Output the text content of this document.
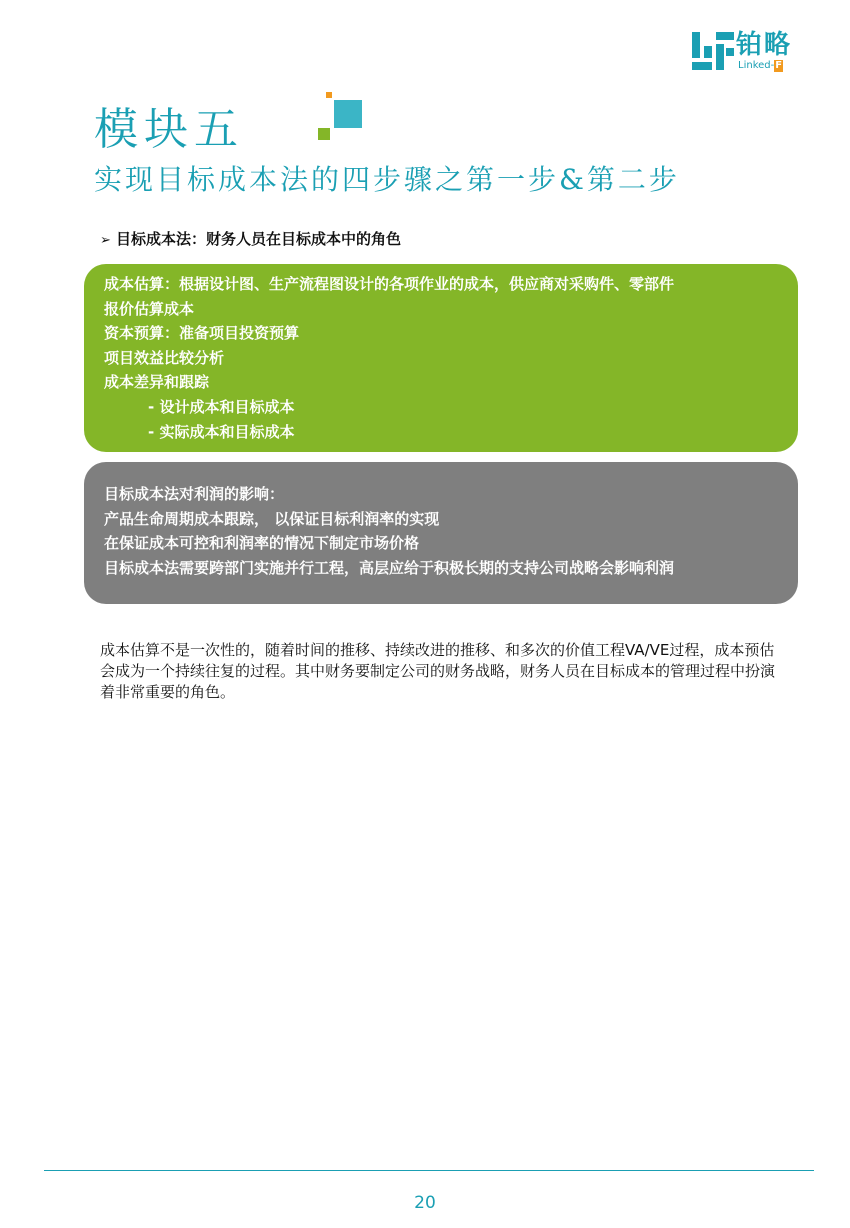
铂略
Linked-F
模块五
实现目标成本法的四步骤之第一步&第二步
➢ 目标成本法：财务人员在目标成本中的角色
成本估算：根据设计图、生产流程图设计的各项作业的成本，供应商对采购件、零部件
报价估算成本
资本预算：准备项目投资预算
项目效益比较分析
成本差异和跟踪
- 设计成本和目标成本
- 实际成本和目标成本
目标成本法对利润的影响：
产品生命周期成本跟踪， 以保证目标利润率的实现
在保证成本可控和利润率的情况下制定市场价格
目标成本法需要跨部门实施并行工程，高层应给于积极长期的支持公司战略会影响利润
成本估算不是一次性的，随着时间的推移、持续改进的推移、和多次的价值工程VA/VE过程，成本预估会成为一个持续往复的过程。其中财务要制定公司的财务战略，财务人员在目标成本的管理过程中扮演着非常重要的角色。
20
